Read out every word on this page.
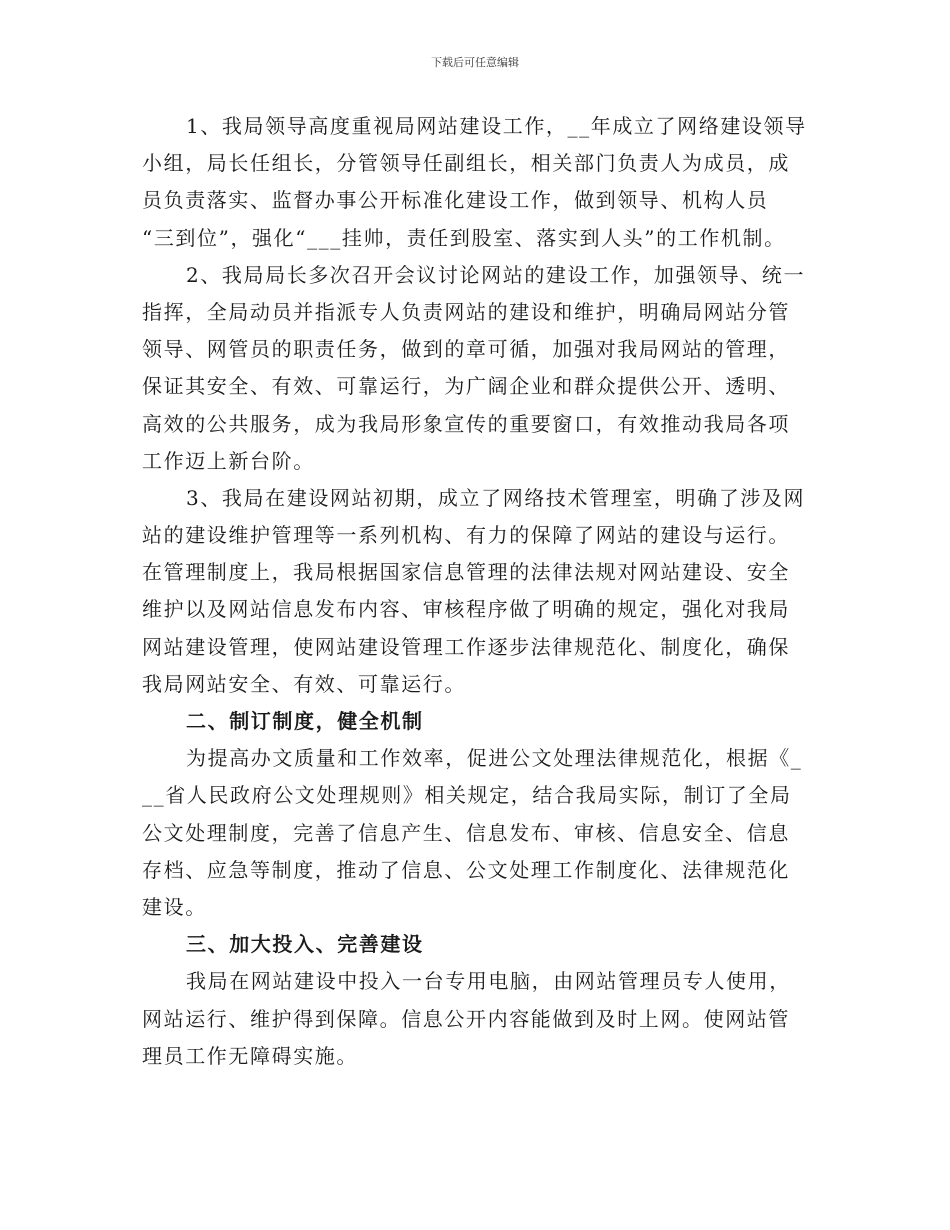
下载后可任意编辑
1、我局领导高度重视局网站建设工作，__年成立了网络建设领导
小组，局长任组长，分管领导任副组长，相关部门负责人为成员，成
员负责落实、监督办事公开标准化建设工作，做到领导、机构人员
“三到位”，强化“___挂帅，责任到股室、落实到人头”的工作机制。
2、我局局长多次召开会议讨论网站的建设工作，加强领导、统一
指挥，全局动员并指派专人负责网站的建设和维护，明确局网站分管
领导、网管员的职责任务，做到的章可循，加强对我局网站的管理，
保证其安全、有效、可靠运行，为广阔企业和群众提供公开、透明、
高效的公共服务，成为我局形象宣传的重要窗口，有效推动我局各项
工作迈上新台阶。
3、我局在建设网站初期，成立了网络技术管理室，明确了涉及网
站的建设维护管理等一系列机构、有力的保障了网站的建设与运行。
在管理制度上，我局根据国家信息管理的法律法规对网站建设、安全
维护以及网站信息发布内容、审核程序做了明确的规定，强化对我局
网站建设管理，使网站建设管理工作逐步法律规范化、制度化，确保
我局网站安全、有效、可靠运行。
二、制订制度，健全机制
为提高办文质量和工作效率，促进公文处理法律规范化，根据《_
__省人民政府公文处理规则》相关规定，结合我局实际，制订了全局
公文处理制度，完善了信息产生、信息发布、审核、信息安全、信息
存档、应急等制度，推动了信息、公文处理工作制度化、法律规范化
建设。
三、加大投入、完善建设
我局在网站建设中投入一台专用电脑，由网站管理员专人使用，
网站运行、维护得到保障。信息公开内容能做到及时上网。使网站管
理员工作无障碍实施。
